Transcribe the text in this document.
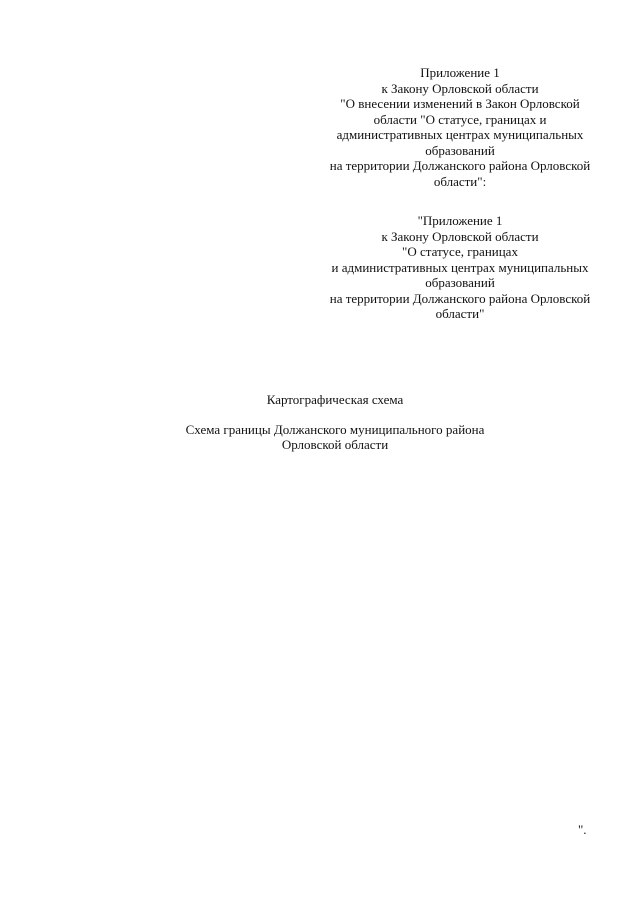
Приложение 1
к Закону Орловской области
"О внесении изменений в Закон Орловской
области "О статусе, границах и
административных центрах муниципальных
образований
на территории Должанского района Орловской
области":
"Приложение 1
к Закону Орловской области
"О статусе, границах
и административных центрах муниципальных
образований
на территории Должанского района Орловской
области"
Картографическая схема
Схема границы Должанского муниципального района
Орловской области
".
